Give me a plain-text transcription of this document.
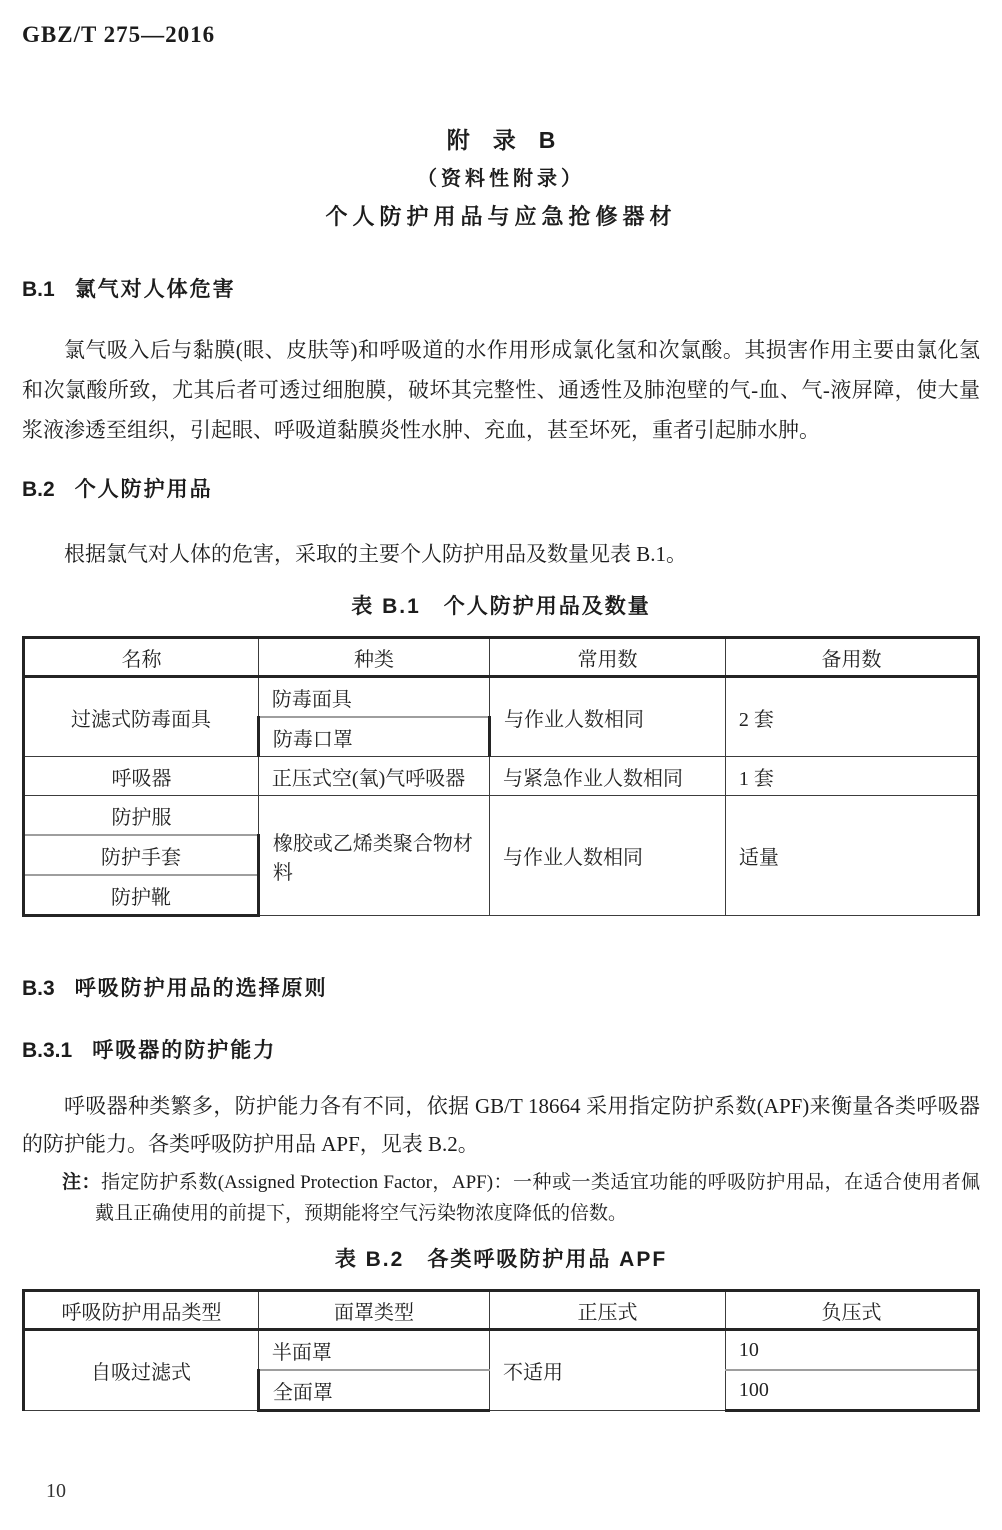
GBZ/T 275—2016
附　录　B
（资料性附录）
个人防护用品与应急抢修器材
B.1 氯气对人体危害
氯气吸入后与黏膜(眼、皮肤等)和呼吸道的水作用形成氯化氢和次氯酸。其损害作用主要由氯化氢和次氯酸所致，尤其后者可透过细胞膜，破坏其完整性、通透性及肺泡壁的气-血、气-液屏障，使大量浆液渗透至组织，引起眼、呼吸道黏膜炎性水肿、充血，甚至坏死，重者引起肺水肿。
B.2 个人防护用品
根据氯气对人体的危害，采取的主要个人防护用品及数量见表 B.1。
表 B.1　个人防护用品及数量
名称	种类	常用数	备用数
过滤式防毒面具	防毒面具	与作业人数相同	2 套
	防毒口罩		
呼吸器	正压式空(氧)气呼吸器	与紧急作业人数相同	1 套
防护服	橡胶或乙烯类聚合物材料	与作业人数相同	适量
防护手套			
防护靴			
B.3 呼吸防护用品的选择原则
B.3.1 呼吸器的防护能力
呼吸器种类繁多，防护能力各有不同，依据 GB/T 18664 采用指定防护系数(APF)来衡量各类呼吸器的防护能力。各类呼吸防护用品 APF，见表 B.2。
注：指定防护系数(Assigned Protection Factor，APF)：一种或一类适宜功能的呼吸防护用品，在适合使用者佩戴且正确使用的前提下，预期能将空气污染物浓度降低的倍数。
表 B.2　各类呼吸防护用品 APF
呼吸防护用品类型	面罩类型	正压式	负压式
自吸过滤式	半面罩	不适用	10
	全面罩		100
10
